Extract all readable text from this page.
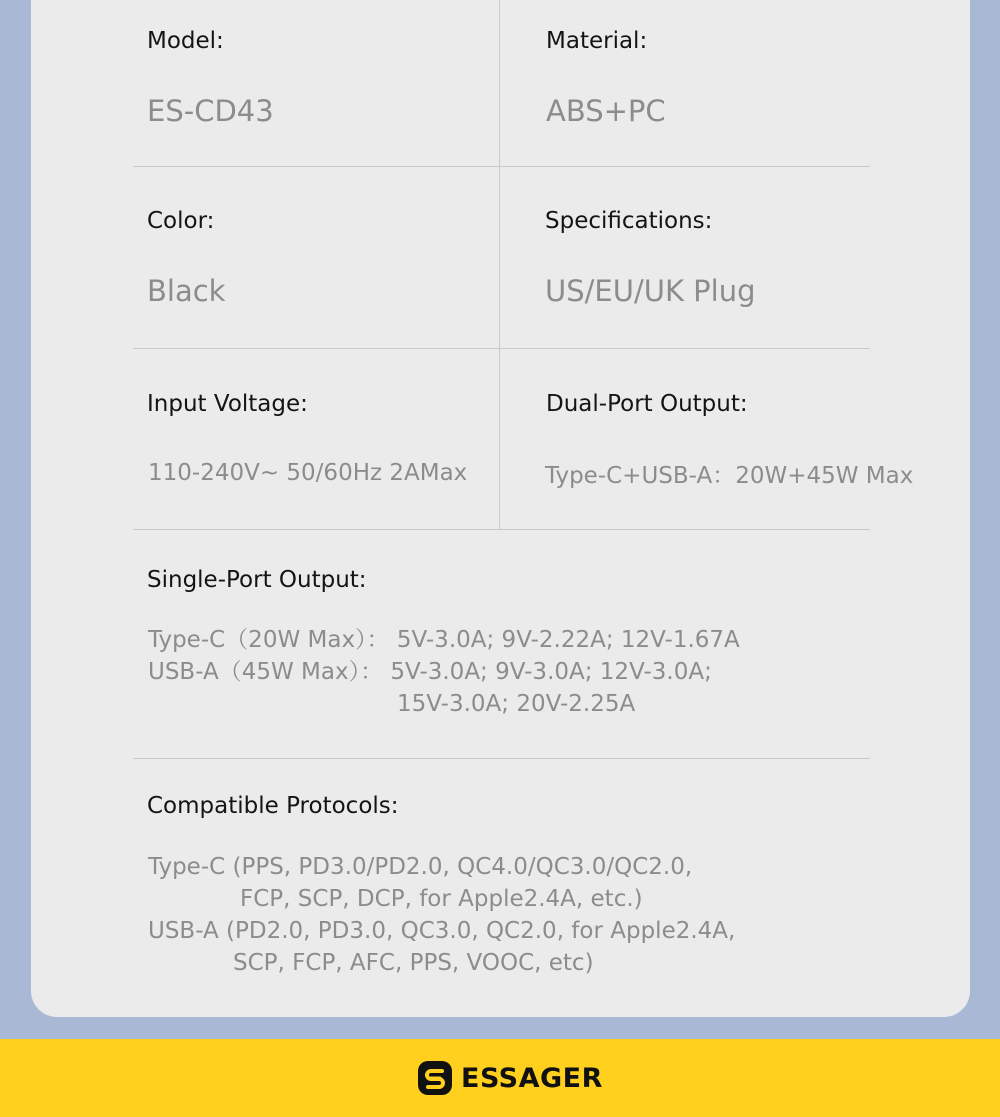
Model:
ES-CD43
Material:
ABS+PC
Color:
Black
Specifications:
US/EU/UK Plug
Input Voltage:
110-240V~ 50/60Hz 2AMax
Dual-Port Output:
Type-C+USB-A：20W+45W Max
Single-Port Output:
Type-C（20W Max）： 5V-3.0A; 9V-2.22A; 12V-1.67A
USB-A（45W Max）： 5V-3.0A; 9V-3.0A; 12V-3.0A;
15V-3.0A; 20V-2.25A
Compatible Protocols:
Type-C (PPS, PD3.0/PD2.0, QC4.0/QC3.0/QC2.0,
FCP, SCP, DCP, for Apple2.4A, etc.)
USB-A (PD2.0, PD3.0, QC3.0, QC2.0, for Apple2.4A,
SCP, FCP, AFC, PPS, VOOC, etc)
ESSAGER
